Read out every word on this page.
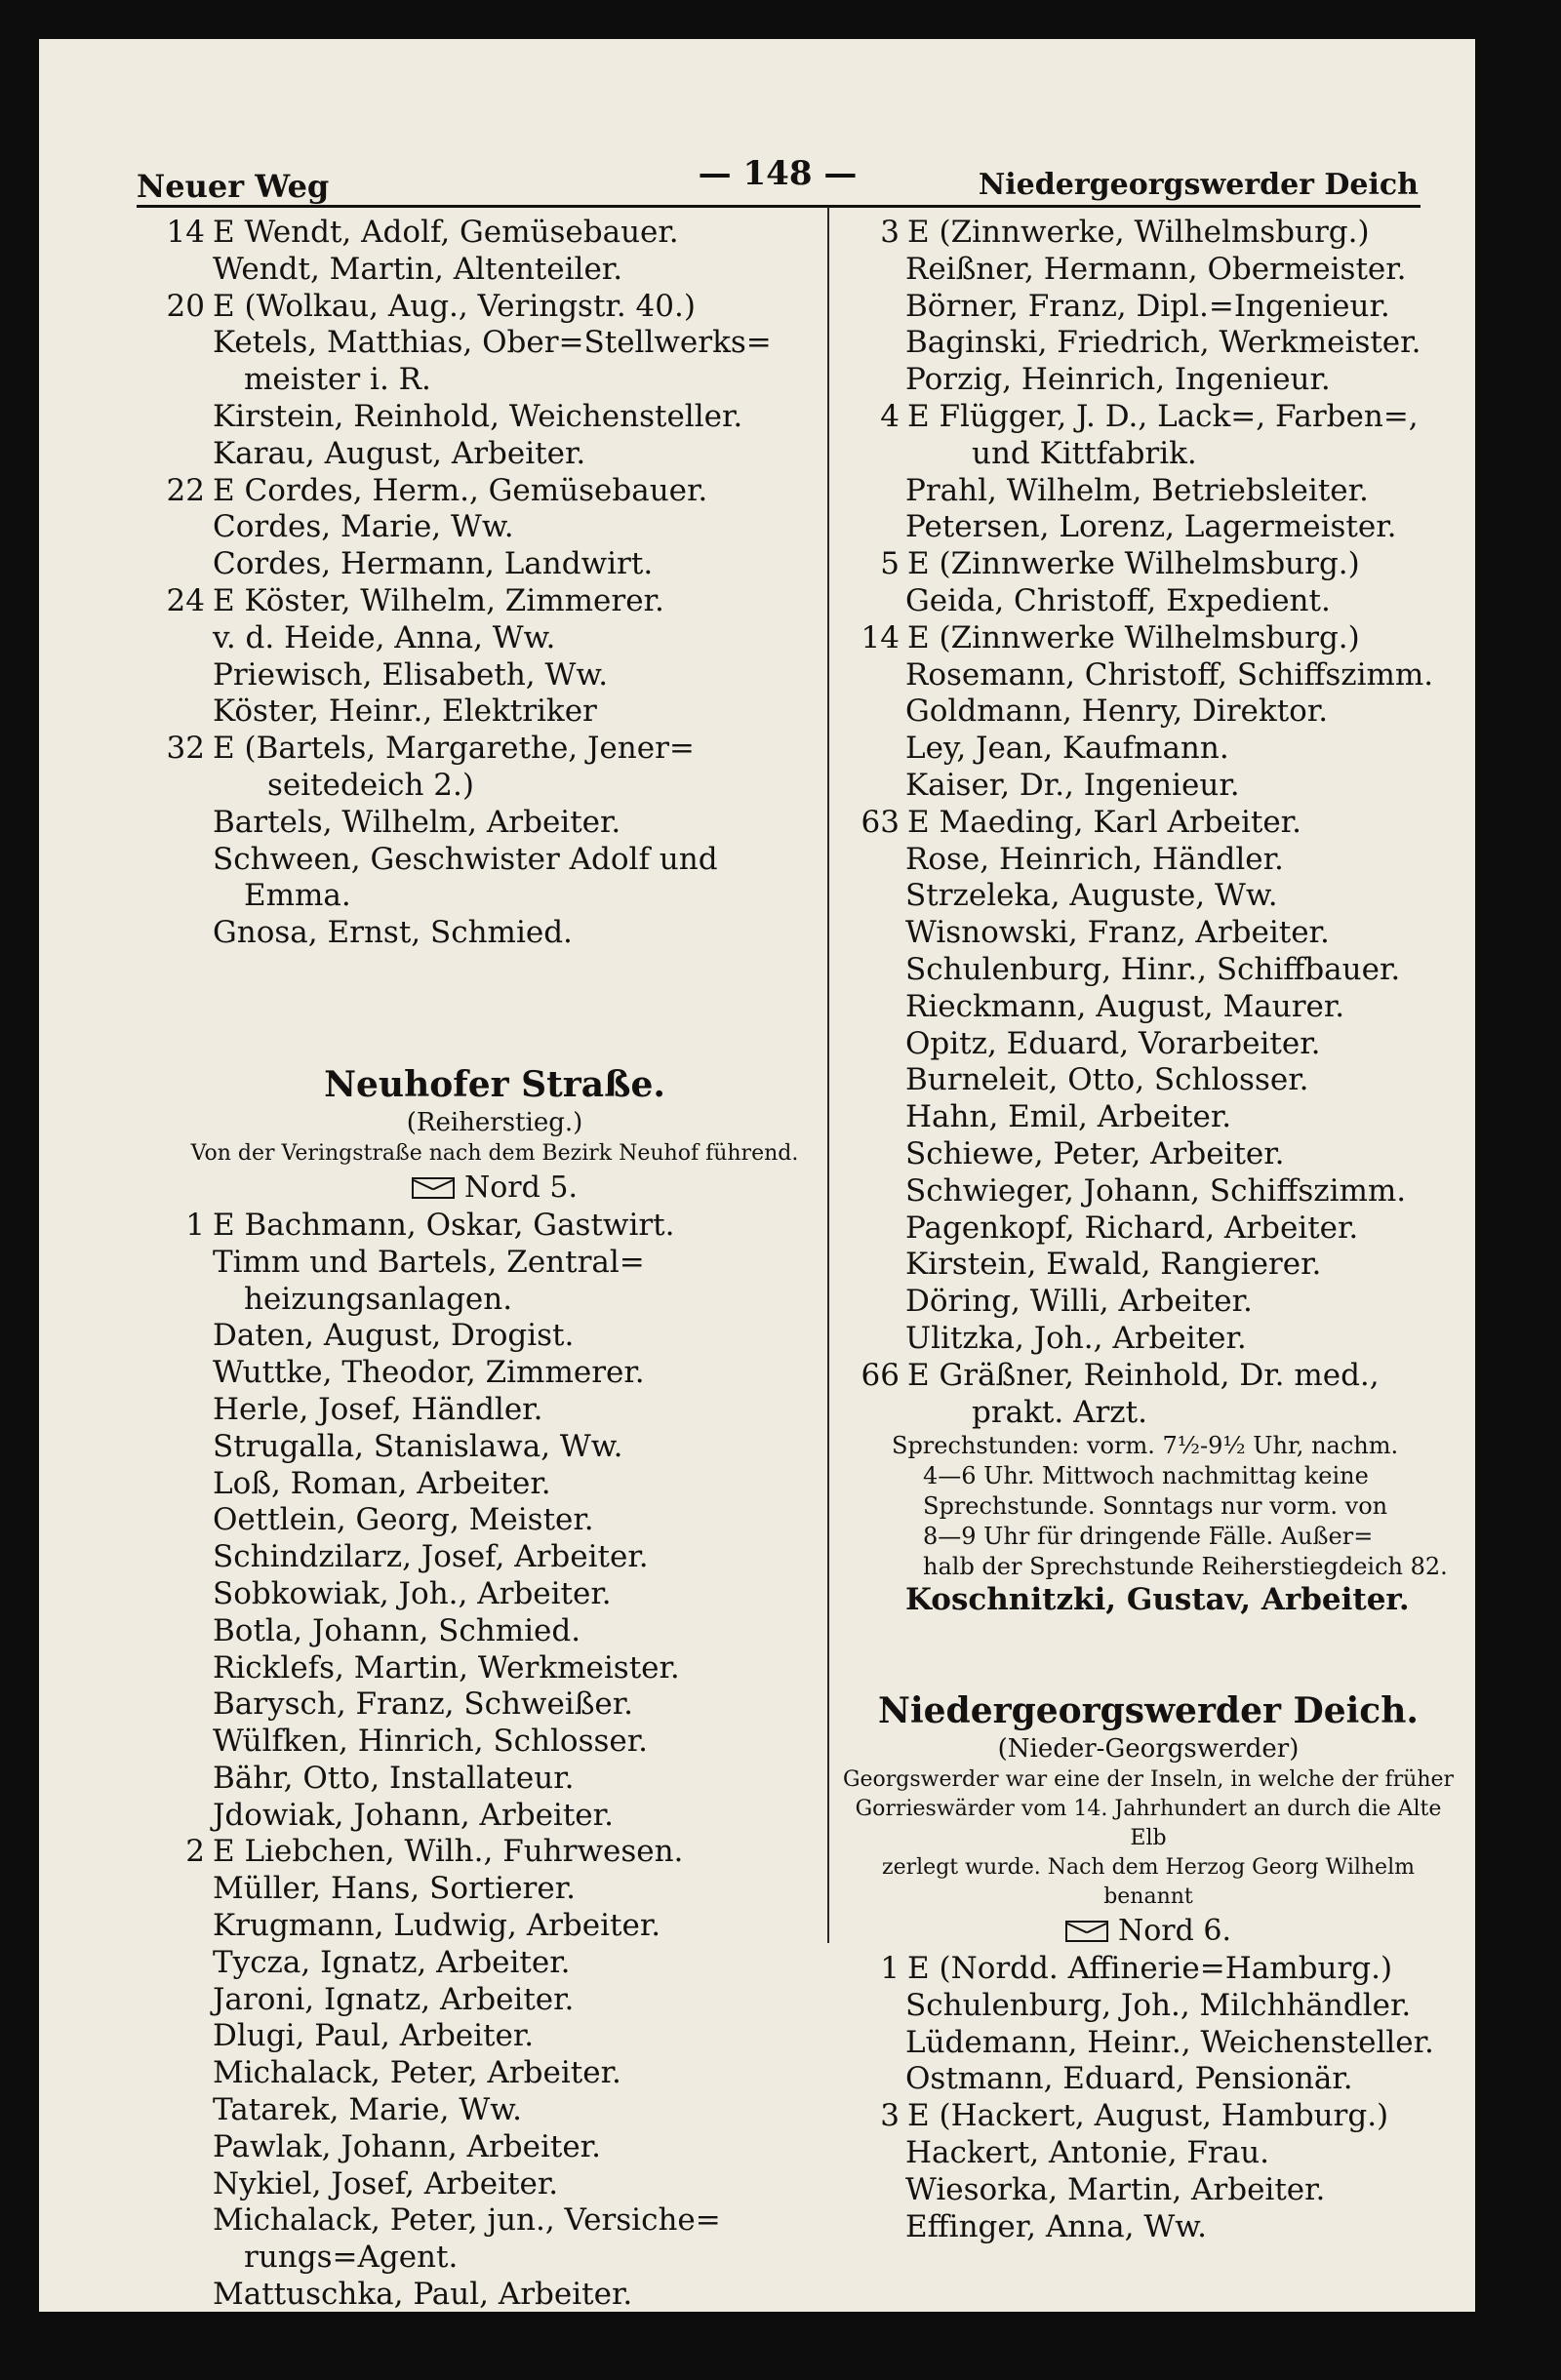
Neuer Weg	— 148 —	Niedergeorgswerder Deich
14 E Wendt, Adolf, Gemüsebauer.
Wendt, Martin, Altenteiler.
20 E (Wolkau, Aug., Veringstr. 40.)
Ketels, Matthias, Ober=Stellwerks=
meister i. R.
Kirstein, Reinhold, Weichensteller.
Karau, August, Arbeiter.
22 E Cordes, Herm., Gemüsebauer.
Cordes, Marie, Ww.
Cordes, Hermann, Landwirt.
24 E Köster, Wilhelm, Zimmerer.
v. d. Heide, Anna, Ww.
Priewisch, Elisabeth, Ww.
Köster, Heinr., Elektriker
32 E (Bartels, Margarethe, Jener=
seitedeich 2.)
Bartels, Wilhelm, Arbeiter.
Schween, Geschwister Adolf und
Emma.
Gnosa, Ernst, Schmied.
Neuhofer Straße.
(Reiherstieg.)
Von der Veringstraße nach dem Bezirk Neuhof führend.
Nord 5.
1 E Bachmann, Oskar, Gastwirt.
Timm und Bartels, Zentral=
heizungsanlagen.
Daten, August, Drogist.
Wuttke, Theodor, Zimmerer.
Herle, Josef, Händler.
Strugalla, Stanislawa, Ww.
Loß, Roman, Arbeiter.
Oettlein, Georg, Meister.
Schindzilarz, Josef, Arbeiter.
Sobkowiak, Joh., Arbeiter.
Botla, Johann, Schmied.
Ricklefs, Martin, Werkmeister.
Barysch, Franz, Schweißer.
Wülfken, Hinrich, Schlosser.
Bähr, Otto, Installateur.
Jdowiak, Johann, Arbeiter.
2 E Liebchen, Wilh., Fuhrwesen.
Müller, Hans, Sortierer.
Krugmann, Ludwig, Arbeiter.
Tycza, Ignatz, Arbeiter.
Jaroni, Ignatz, Arbeiter.
Dlugi, Paul, Arbeiter.
Michalack, Peter, Arbeiter.
Tatarek, Marie, Ww.
Pawlak, Johann, Arbeiter.
Nykiel, Josef, Arbeiter.
Michalack, Peter, jun., Versiche=
rungs=Agent.
Mattuschka, Paul, Arbeiter.
3 E (Zinnwerke, Wilhelmsburg.)
Reißner, Hermann, Obermeister.
Börner, Franz, Dipl.=Ingenieur.
Baginski, Friedrich, Werkmeister.
Porzig, Heinrich, Ingenieur.
4 E Flügger, J. D., Lack=, Farben=,
und Kittfabrik.
Prahl, Wilhelm, Betriebsleiter.
Petersen, Lorenz, Lagermeister.
5 E (Zinnwerke Wilhelmsburg.)
Geida, Christoff, Expedient.
14 E (Zinnwerke Wilhelmsburg.)
Rosemann, Christoff, Schiffszimm.
Goldmann, Henry, Direktor.
Ley, Jean, Kaufmann.
Kaiser, Dr., Ingenieur.
63 E Maeding, Karl Arbeiter.
Rose, Heinrich, Händler.
Strzeleka, Auguste, Ww.
Wisnowski, Franz, Arbeiter.
Schulenburg, Hinr., Schiffbauer.
Rieckmann, August, Maurer.
Opitz, Eduard, Vorarbeiter.
Burneleit, Otto, Schlosser.
Hahn, Emil, Arbeiter.
Schiewe, Peter, Arbeiter.
Schwieger, Johann, Schiffszimm.
Pagenkopf, Richard, Arbeiter.
Kirstein, Ewald, Rangierer.
Döring, Willi, Arbeiter.
Ulitzka, Joh., Arbeiter.
66 E Gräßner, Reinhold, Dr. med.,
prakt. Arzt.
Sprechstunden: vorm. 7½-9½ Uhr, nachm.
4—6 Uhr. Mittwoch nachmittag keine
Sprechstunde. Sonntags nur vorm. von
8—9 Uhr für dringende Fälle. Außer=
halb der Sprechstunde Reiherstiegdeich 82.
Koschnitzki, Gustav, Arbeiter.
Niedergeorgswerder Deich.
(Nieder-Georgswerder)
Georgswerder war eine der Inseln, in welche der früher
Gorrieswärder vom 14. Jahrhundert an durch die Alte Elb
zerlegt wurde. Nach dem Herzog Georg Wilhelm benannt
Nord 6.
1 E (Nordd. Affinerie=Hamburg.)
Schulenburg, Joh., Milchhändler.
Lüdemann, Heinr., Weichensteller.
Ostmann, Eduard, Pensionär.
3 E (Hackert, August, Hamburg.)
Hackert, Antonie, Frau.
Wiesorka, Martin, Arbeiter.
Effinger, Anna, Ww.
